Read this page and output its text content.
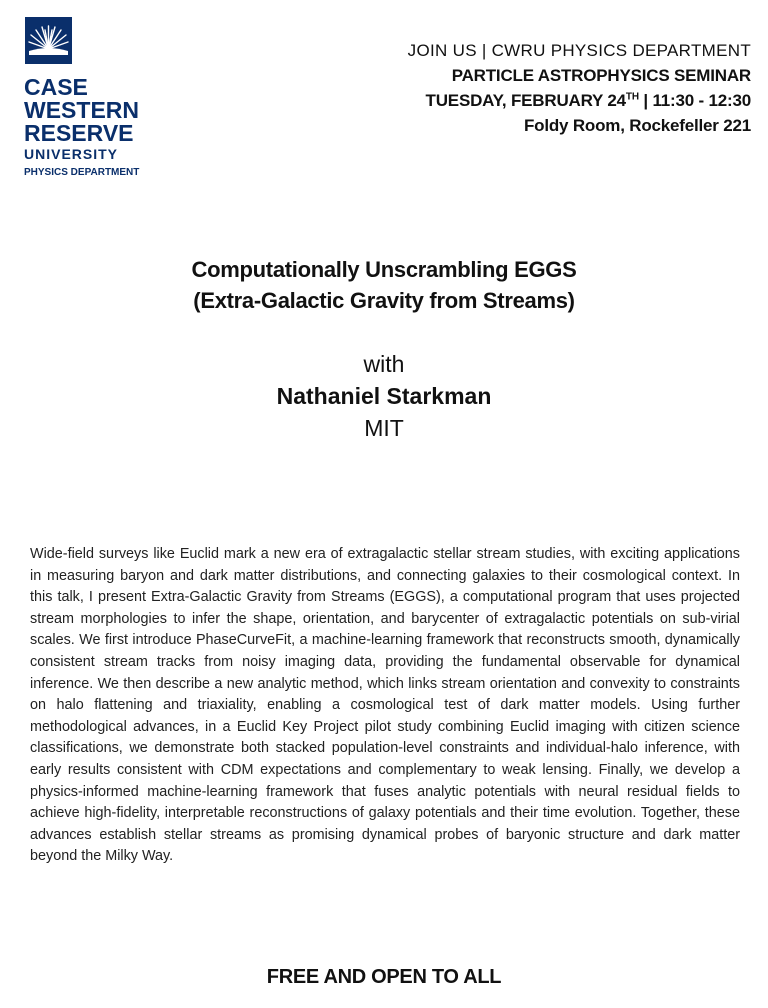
CASE
WESTERN
RESERVE
UNIVERSITY
PHYSICS DEPARTMENT
JOIN US | CWRU PHYSICS DEPARTMENT
PARTICLE ASTROPHYSICS SEMINAR
TUESDAY, FEBRUARY 24TH | 11:30 - 12:30
Foldy Room, Rockefeller 221
Computationally Unscrambling EGGS
(Extra-Galactic Gravity from Streams)
with
Nathaniel Starkman
MIT
Wide-field surveys like Euclid mark a new era of extragalactic stellar stream studies, with exciting applications in measuring baryon and dark matter distributions, and connecting galaxies to their cosmological context. In this talk, I present Extra-Galactic Gravity from Streams (EGGS), a computational program that uses projected stream morphologies to infer the shape, orientation, and barycenter of extragalactic potentials on sub-virial scales. We first introduce PhaseCurveFit, a machine-learning framework that reconstructs smooth, dynamically consistent stream tracks from noisy imaging data, providing the fundamental observable for dynamical inference. We then describe a new analytic method, which links stream orientation and convexity to constraints on halo flattening and triaxiality, enabling a cosmological test of dark matter models. Using further methodological advances, in a Euclid Key Project pilot study combining Euclid imaging with citizen science classifications, we demonstrate both stacked population-level constraints and individual-halo inference, with early results consistent with CDM expectations and complementary to weak lensing. Finally, we develop a physics-informed machine-learning framework that fuses analytic potentials with neural residual fields to achieve high-fidelity, interpretable reconstructions of galaxy potentials and their time evolution. Together, these advances establish stellar streams as promising dynamical probes of baryonic structure and dark matter beyond the Milky Way.
FREE AND OPEN TO ALL
